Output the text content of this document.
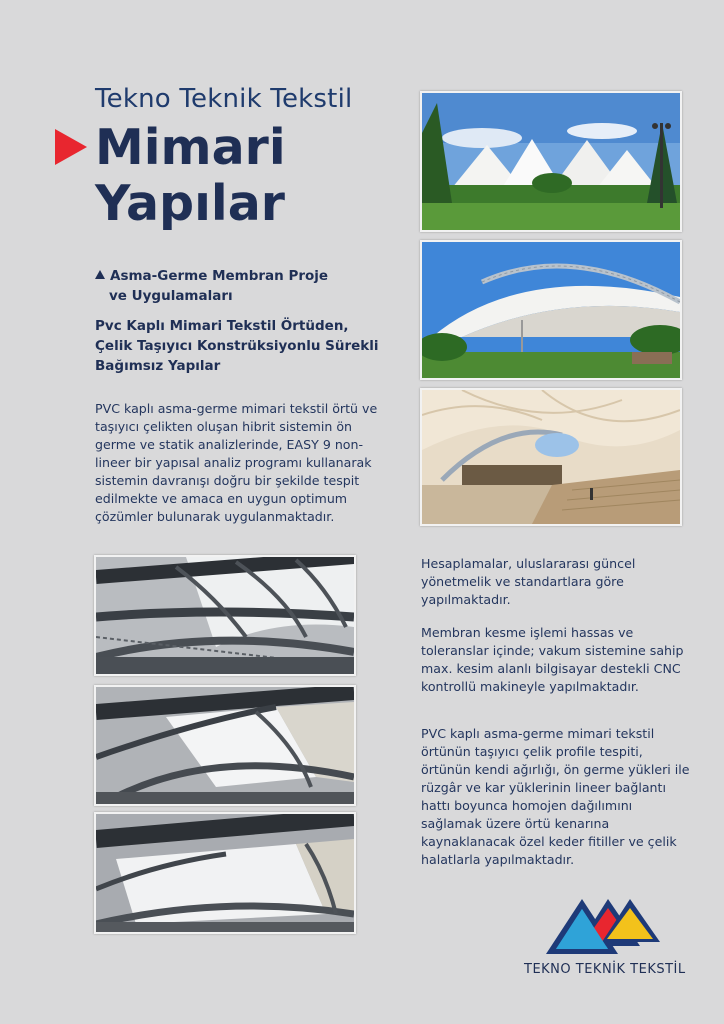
Tekno Teknik Tekstil
Mimari
Yapılar
Asma-Germe Membran Proje
ve Uygulamaları
Pvc Kaplı Mimari Tekstil Örtüden,
Çelik Taşıyıcı Konstrüksiyonlu Sürekli
Bağımsız Yapılar
PVC kaplı asma-germe mimari tekstil örtü ve taşıyıcı çelikten oluşan hibrit sistemin ön germe ve statik analizlerinde, EASY 9 non-lineer bir yapısal analiz programı kullanarak sistemin davranışı doğru bir şekilde tespit edilmekte ve amaca en uygun optimum çözümler bulunarak uygulanmaktadır.
Hesaplamalar, uluslararası güncel yönetmelik ve standartlara göre yapılmaktadır.
Membran kesme işlemi hassas ve toleranslar içinde; vakum sistemine sahip max. kesim alanlı bilgisayar destekli CNC kontrollü makineyle yapılmaktadır.
PVC kaplı asma-germe mimari tekstil örtünün taşıyıcı çelik profile tespiti, örtünün kendi ağırlığı, ön germe yükleri ile rüzgâr ve kar yüklerinin lineer bağlantı hattı boyunca homojen dağılımını sağlamak üzere örtü kenarına kaynaklanacak özel keder fitiller ve çelik halatlarla yapılmaktadır.
TEKNO TEKNİK TEKSTİL
